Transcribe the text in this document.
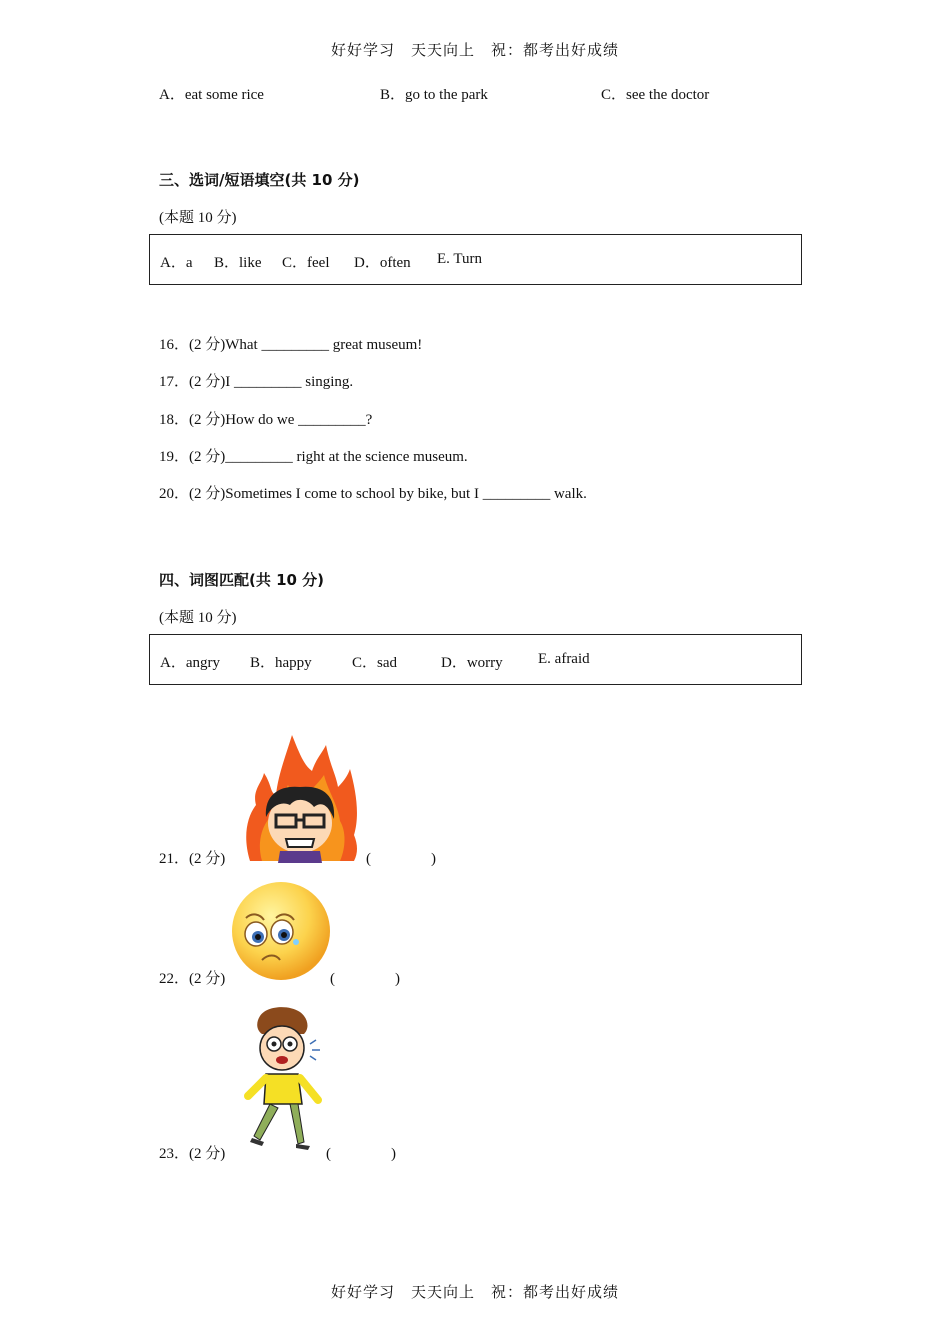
好好学习　天天向上　祝：都考出好成绩
A．eat some rice	B．go to the park	C．see the doctor
三、选词/短语填空(共 10 分)
(本题 10 分)
A．a B．like C．feel D．often E. Turn
16．(2 分)What _________ great museum!
17．(2 分)I _________ singing.
18．(2 分)How do we _________?
19．(2 分)_________ right at the science museum.
20．(2 分)Sometimes I come to school by bike, but I _________ walk.
四、词图匹配(共 10 分)
(本题 10 分)
A．angry B．happy	C．sad	D．worry E. afraid
21．(2 分)	(　　　　)
22．(2 分)	(　　　　)
23．(2 分)	(　　　　)
好好学习　天天向上　祝：都考出好成绩
